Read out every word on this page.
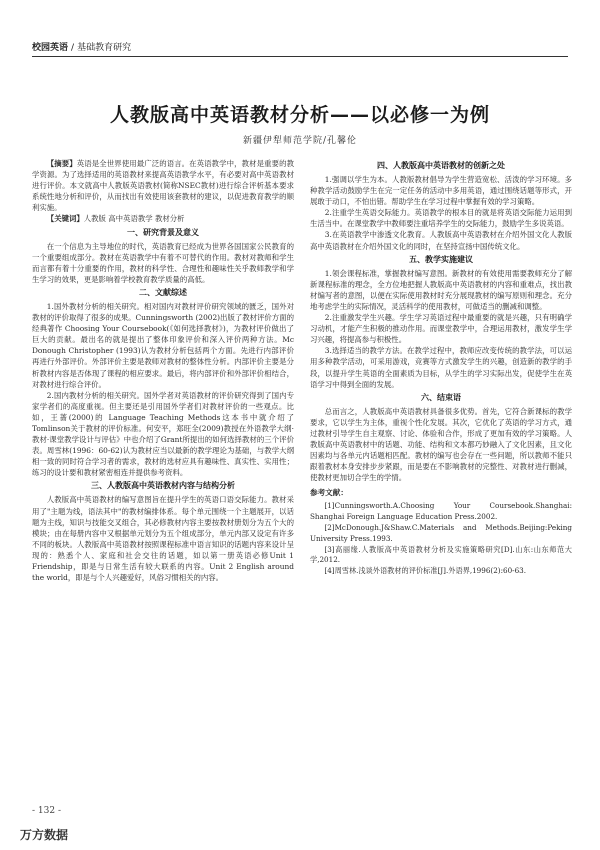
校园英语 / 基础教育研究
人教版高中英语教材分析——以必修一为例
新疆伊犁师范学院/孔馨伦

【摘要】英语是全世界使用最广泛的语言。在英语教学中，教材是重要的教学资源。为了选择适用的英语教材来提高英语教学水平，有必要对高中英语教材进行评价。本文就高中人教版英语教材(简称NSEC教材)进行综合评析基本要求系统性地分析和评价，从而找出有效使用该套教材的建议，以促进教育教学的顺利实施。

【关键词】人教版 高中英语教学 教材分析

一、研究背景及意义

在一个信息为主导地位的时代，英语教育已经成为世界各国国家公民教育的一个重要组成部分。教材在英语教学中有着不可替代的作用。教材对教师和学生而言都有着十分重要的作用，教材的科学性、合理性和趣味性关乎教师教学和学生学习的效果，更是影响着学校教育教学质量的高低。

二、文献综述

1.国外教材分析的相关研究。相对国内对教材评价研究领域的匮乏，国外对教材的评价取得了很多的成果。Cunningsworth (2002)出版了教材评价方面的经典著作 Choosing Your Coursebook(《如何选择教材》)，为教材评价做出了巨大的贡献。最出名的就是提出了整体印象评价和深入评价两种方法。Mc Donough Christopher (1993)认为教材分析包括两个方面。先进行内部评价再进行外部评价。外部评价主要是教师对教材的整体性分析。内部评价主要是分析教材内容是否体现了课程的相应要求。最后，将内部评价和外部评价相结合，对教材进行综合评价。

2.国内教材分析的相关研究。国外学者对英语教材的评价研究得到了国内专家学者们的高度重视。但主要还是引用国外学者们对教材评价的一些观点。比如，王蔷(2000)的 Language Teaching Methods这本书中就介绍了Tomlinson关于教材的评价标准。何安平，郑旺全(2009)教授在外语教学大纲·教材·课堂教学设计与评估》中也介绍了Grant所提出的如何选择教材的三个评价表。周雪林(1996：60-62)认为教材应当以最新的教学理论为基础，与教学大纲相一致的同时符合学习者的需求，教材的选材应具有趣味性、真实性、实用性；练习的设计要和教材紧密相连并提供参考资料。

三、人教版高中英语教材内容与结构分析

人教版高中英语教材的编写意图旨在提升学生的英语口语交际能力。教材采用了"主题为线，语法其中"的教材编排体系。每个单元围绕一个主题展开，以话题为主线，知识与技能交叉组合，其必修教材内容主要按教材册划分为五个大的模块；由在每册内容中又根据单元划分为五个组成部分，单元内部又设定有许多不同的板块。人教版高中英语教材按照课程标准中语言知识的话题内容来设计呈现的：熟悉个人、家庭和社会交往的话题，如以第一册英语必修Unit 1 Friendship，即是与日常生活有较大联系的内容。Unit 2 English around the world，即是与个人兴趣爱好，风俗习惯相关的内容。

四、人教版高中英语教材的创新之处

1.强调以学生为本。人教版教材倡导为学生营造宽松、活泼的学习环境。多种教学活动鼓励学生在完一定任务的活动中多用英语，通过围绕话题等形式，开展敢于动口，不怕出错。帮助学生在学习过程中掌握有效的学习策略。

2.注重学生英语交际能力。英语教学的根本目的就是将英语交际能力运用到生活当中。在课堂教学中教师要注重培养学生的交际能力，鼓励学生多说英语。

3.在英语教学中渗透文化教育。人教版高中英语教材在介绍外国文化人教版高中英语教材在介绍外国文化的同时，在坚持宣扬中国传统文化。

五、教学实施建议

1.领会课程标准，掌握教材编写意图。新教材的有效使用需要教师充分了解新课程标准的理念，全方位地把握人教版高中英语教材的内容和重难点，找出教材编写者的意图，以便在实际使用教材时充分展现教材的编写原则和理念。充分地考虑学生的实际情况，灵活科学的使用教材，可做适当的删减和调整。

2.注重激发学生兴趣。学生学习英语过程中最重要的就是兴趣，只有明确学习动机，才能产生积极的推动作用。而课堂教学中，合理运用教材，激发学生学习兴趣，将提高参与积极性。

3.选择适当的教学方法。在教学过程中，教师应改变传统的教学法，可以运用多种教学活动，可采用游戏，竞赛等方式激发学生的兴趣，创造新的教学的手段，以提升学生英语的全面素质为目标，从学生的学习实际出发，促使学生在英语学习中得到全面的发展。

六、结束语

总而言之，人教版高中英语教材具备很多优势。首先，它符合新课标的教学要求，它以学生为主体，重视个性化发展。其次，它优化了英语的学习方式，通过教材引导学生自主观察、讨论、体验和合作，形成了更加有效的学习策略。人教版高中英语教材中的话题、功能、结构和文本都巧妙融入了文化因素，且文化因素均与各单元内话题相匹配。教材的编写也会存在一些问题，所以教师不能只跟着教材本身安排步步紧跟，而是要在不影响教材的完整性、对教材进行删减，使教材更加切合学生的学情。

参考文献：

[1]Cunningsworth.A.Choosing Your Coursebook.Shanghai: Shanghai Foreign Language Education Press.2002.

[2]McDonough.J&Shaw.C.Materials and Methods.Beijing:Peking University Press.1993.

[3]高丽缘.人教版高中英语教材分析及实施策略研究[D].山东:山东师范大学,2012.

[4]周雪林.浅谈外语教材的评价标准[J].外语界,1996(2):60-63.

- 132 -
万方数据
